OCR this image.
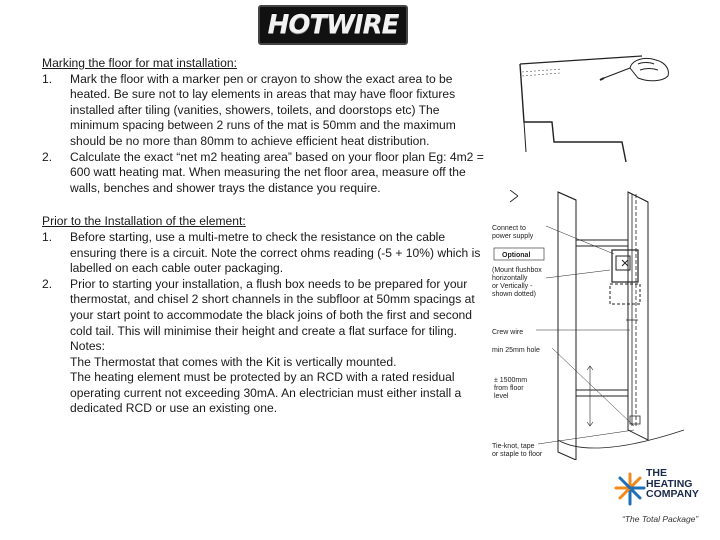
HOTWIRE

Marking the floor for mat installation:

1. Mark the floor with a marker pen or crayon to show the exact area to be heated. Be sure not to lay elements in areas that may have floor fixtures installed after tiling (vanities, showers, toilets, and doorstops etc) The minimum spacing between 2 runs of the mat is 50mm and the maximum should be no more than 80mm to achieve efficient heat distribution.
2. Calculate the exact “net m2 heating area” based on your floor plan Eg: 4m2 = 600 watt heating mat. When measuring the net floor area, measure off the walls, benches and shower trays the distance you require.

Prior to the Installation of the element:

1. Before starting, use a multi-metre to check the resistance on the cable ensuring there is a circuit. Note the correct ohms reading (-5 + 10%) which is labelled on each cable outer packaging.
2. Prior to starting your installation, a flush box needs to be prepared for your thermostat, and chisel 2 short channels in the subfloor at 50mm spacings at your start point to accommodate the black joins of both the first and second cold tail. This will minimise their height and create a flat surface for tiling.
Notes:
The Thermostat that comes with the Kit is vertically mounted.
The heating element must be protected by an RCD with a rated residual operating current not exceeding 30mA. An electrician must either install a dedicated RCD or use an existing one.
Connect to
power supply
Optional
(Mount flushbox
horizontally
or Vertically -
shown dotted)
Crew wire
min 25mm hole
± 1500mm
from floor
level
Tie-knot, tape
or staple to floor
THE
HEATING
COMPANY
“The Total Package”
